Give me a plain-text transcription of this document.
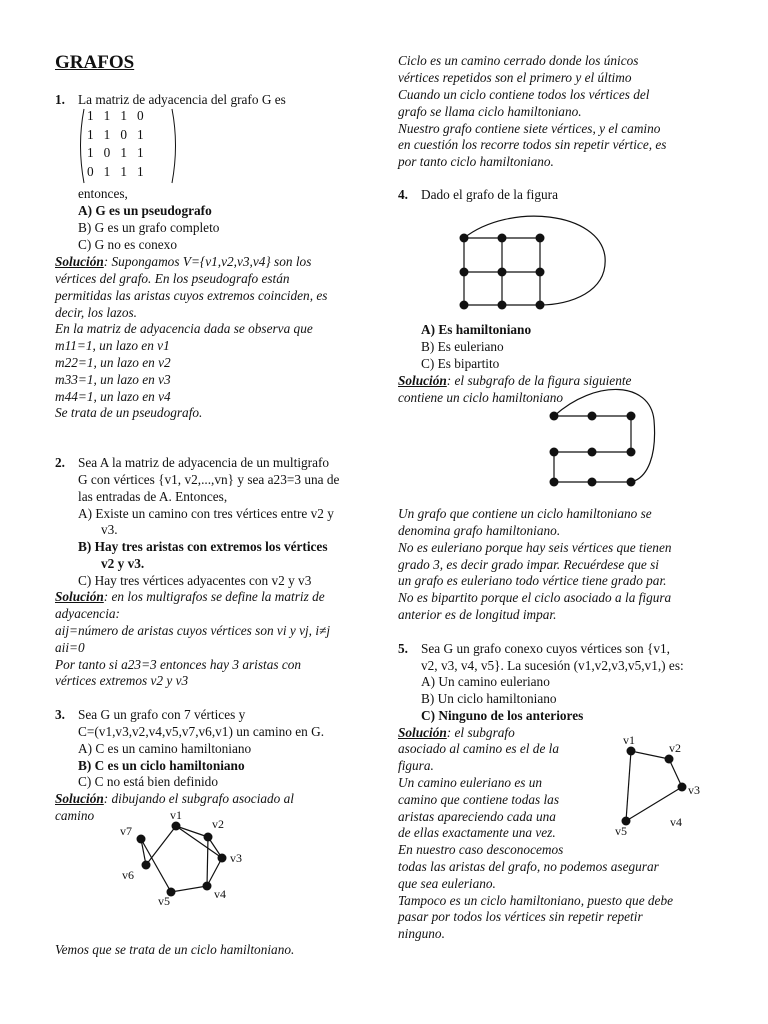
GRAFOS
1. La matriz de adyacencia del grafo G es
1	1	1	0
1	1	0	1
1	0	1	1
0	1	1	1
entonces,
A) G es un pseudografo
B) G es un grafo completo
C) G no es conexo
Solución: Supongamos V={v1,v2,v3,v4} son los
vértices del grafo. En los pseudografo están
permitidas las aristas cuyos extremos coinciden, es
decir, los lazos.
En la matriz de adyacencia dada se observa que
m11=1, un lazo en v1
m22=1, un lazo en v2
m33=1, un lazo en v3
m44=1, un lazo en v4
Se trata de un pseudografo.
2. Sea A la matriz de adyacencia de un multigrafo
G con vértices {v1, v2,...,vn} y sea a23=3 una de
las entradas de A. Entonces,
A) Existe un camino con tres vértices entre v2 y
v3.
B) Hay tres aristas con extremos los vértices
v2 y v3.
C) Hay tres vértices adyacentes con v2 y v3
Solución: en los multigrafos se define la matriz de
adyacencia:
aij=número de aristas cuyos vértices son vi y vj, i≠j
aii=0
Por tanto si a23=3 entonces hay 3 aristas con
vértices extremos v2 y v3
3. Sea G un grafo con 7 vértices y
C=(v1,v3,v2,v4,v5,v7,v6,v1) un camino en G.
A) C es un camino hamiltoniano
B) C es un ciclo hamiltoniano
C) C no está bien definido
Solución: dibujando el subgrafo asociado al
camino	v1
v2
v3
v4
v5
v6
v7
Vemos que se trata de un ciclo hamiltoniano.
Ciclo es un camino cerrado donde los únicos
vértices repetidos son el primero y el último
Cuando un ciclo contiene todos los vértices del
grafo se llama ciclo hamiltoniano.
Nuestro grafo contiene siete vértices, y el camino
en cuestión los recorre todos sin repetir vértice, es
por tanto ciclo hamiltoniano.
4. Dado el grafo de la figura
A) Es hamiltoniano
B) Es euleriano
C) Es bipartito
Solución: el subgrafo de la figura siguiente
contiene un ciclo hamiltoniano
Un grafo que contiene un ciclo hamiltoniano se
denomina grafo hamiltoniano.
No es euleriano porque hay seis vértices que tienen
grado 3, es decir grado impar. Recuérdese que si
un grafo es euleriano todo vértice tiene grado par.
No es bipartito porque el ciclo asociado a la figura
anterior es de longitud impar.
5. Sea G un grafo conexo cuyos vértices son {v1,
v2, v3, v4, v5}. La sucesión (v1,v2,v3,v5,v1,) es:
A) Un camino euleriano
B) Un ciclo hamiltoniano
C) Ninguno de los anteriores
Solución: el subgrafo
asociado al camino es el de la
figura.
Un camino euleriano es un
camino que contiene todas las
aristas apareciendo cada una
de ellas exactamente una vez.
En nuestro caso desconocemos
todas las aristas del grafo, no podemos asegurar
que sea euleriano.
Tampoco es un ciclo hamiltoniano, puesto que debe
pasar por todos los vértices sin repetir repetir
ninguno.
v1
v2
v3
v4
v5
